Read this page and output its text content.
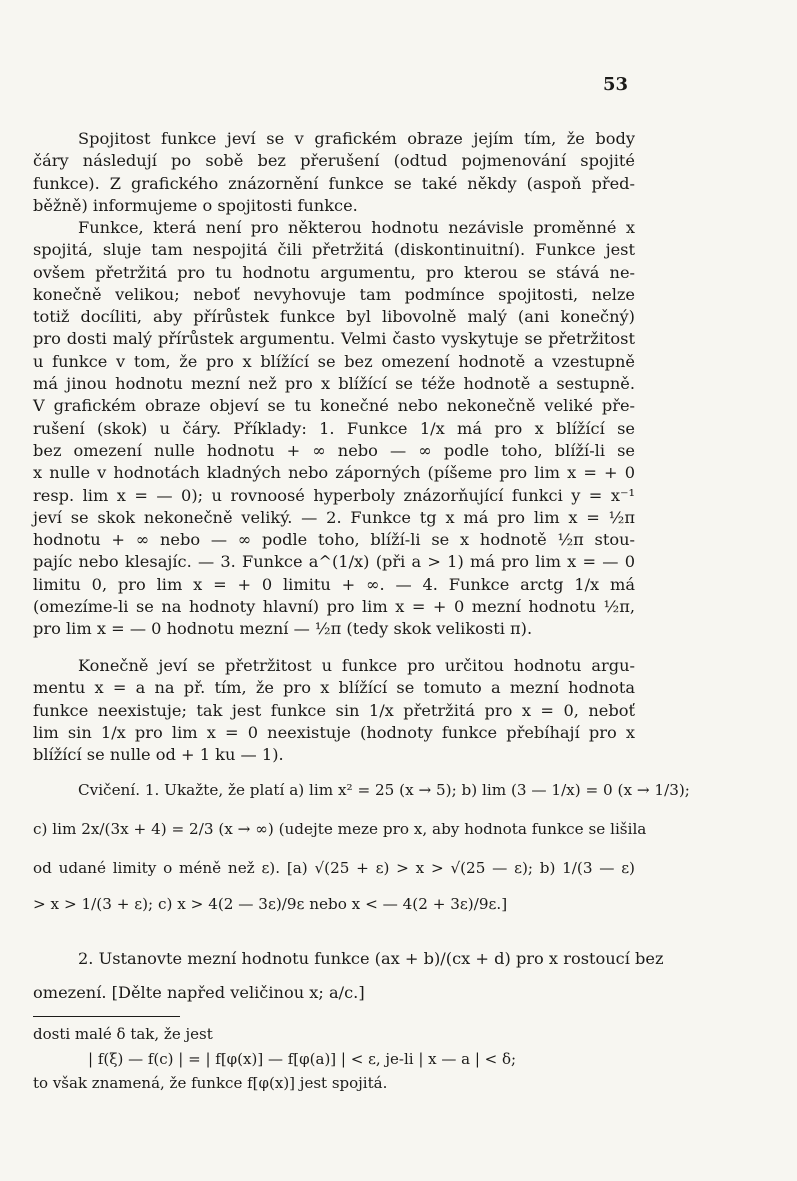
53
Spojitost funkce jeví se v grafickém obraze jejím tím, že body
čáry následují po sobě bez přerušení (odtud pojmenování spojité
funkce). Z grafického znázornění funkce se také někdy (aspoň před-
běžně) informujeme o spojitosti funkce.
Funkce, která není pro některou hodnotu nezávisle proměnné x
spojitá, sluje tam nespojitá čili přetržitá (diskontinuitní). Funkce jest
ovšem přetržitá pro tu hodnotu argumentu, pro kterou se stává ne-
konečně velikou; neboť nevyhovuje tam podmínce spojitosti, nelze
totiž docíliti, aby přírůstek funkce byl libovolně malý (ani konečný)
pro dosti malý přírůstek argumentu. Velmi často vyskytuje se přetržitost
u funkce v tom, že pro x blížící se bez omezení hodnotě a vzestupně
má jinou hodnotu mezní než pro x blížící se téže hodnotě a sestupně.
V grafickém obraze objeví se tu konečné nebo nekonečně veliké pře-
rušení (skok) u čáry. Příklady: 1. Funkce 1/x má pro x blížící se
bez omezení nulle hodnotu + ∞ nebo — ∞ podle toho, blíží-li se
x nulle v hodnotách kladných nebo záporných (píšeme pro lim x = + 0
resp. lim x = — 0); u rovnoosé hyperboly znázorňující funkci y = x⁻¹
jeví se skok nekonečně veliký. — 2. Funkce tg x má pro lim x = ½π
hodnotu + ∞ nebo — ∞ podle toho, blíží-li se x hodnotě ½π stou-
pajíc nebo klesajíc. — 3. Funkce a^(1/x) (při a > 1) má pro lim x = — 0
limitu 0, pro lim x = + 0 limitu + ∞. — 4. Funkce arctg 1/x má
(omezíme-li se na hodnoty hlavní) pro lim x = + 0 mezní hodnotu ½π,
pro lim x = — 0 hodnotu mezní — ½π (tedy skok velikosti π).
Konečně jeví se přetržitost u funkce pro určitou hodnotu argu-
mentu x = a na př. tím, že pro x blížící se tomuto a mezní hodnota
funkce neexistuje; tak jest funkce sin 1/x přetržitá pro x = 0, neboť
lim sin 1/x pro lim x = 0 neexistuje (hodnoty funkce přebíhají pro x
blížící se nulle od + 1 ku — 1).
Cvičení. 1. Ukažte, že platí a) lim x² = 25 (x → 5); b) lim (3 — 1/x) = 0 (x → 1/3);
c) lim 2x/(3x + 4) = 2/3 (x → ∞) (udejte meze pro x, aby hodnota funkce se lišila
od udané limity o méně než ε). [a) √(25 + ε) > x > √(25 — ε); b) 1/(3 — ε)
> x > 1/(3 + ε); c) x > 4(2 — 3ε)/9ε nebo x < — 4(2 + 3ε)/9ε.]
2. Ustanovte mezní hodnotu funkce (ax + b)/(cx + d) pro x rostoucí bez
omezení. [Dělte napřed veličinou x; a/c.]
dosti malé δ tak, že jest
| f(ξ) — f(c) | = | f[φ(x)] — f[φ(a)] | < ε, je-li | x — a | < δ;
to však znamená, že funkce f[φ(x)] jest spojitá.
